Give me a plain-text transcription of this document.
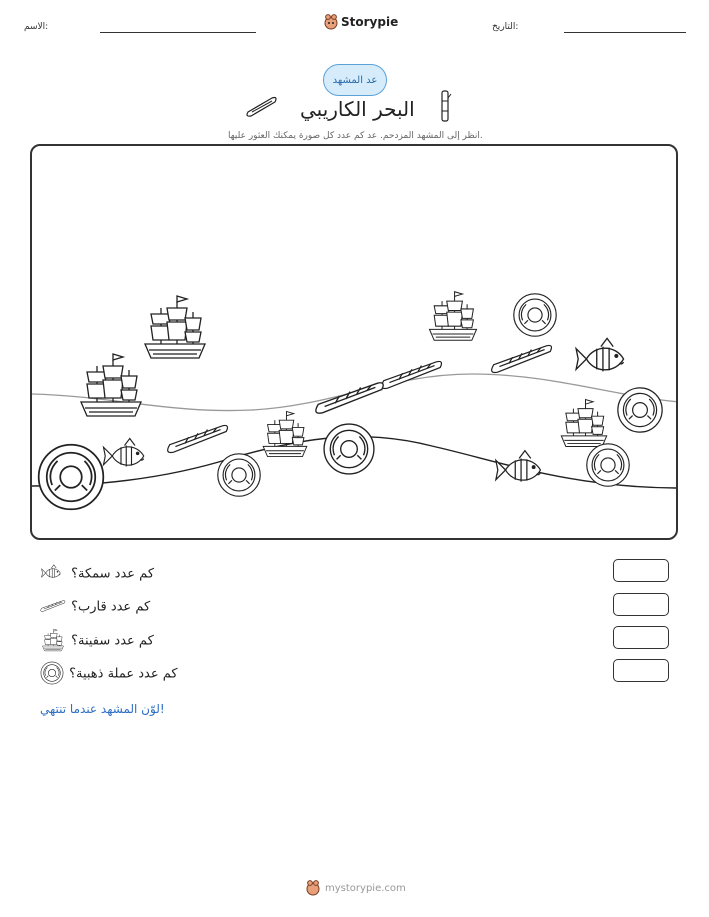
الاسم:	Storypie	التاريخ:
عد المشهد
البحر الكاريبي
انظر إلى المشهد المزدحم. عد كم عدد كل صورة يمكنك العثور عليها.
كم عدد سمكة؟
كم عدد قارب؟
كم عدد سفينة؟
كم عدد عملة ذهبية؟
لوّن المشهد عندما تنتهي!
mystorypie.com
